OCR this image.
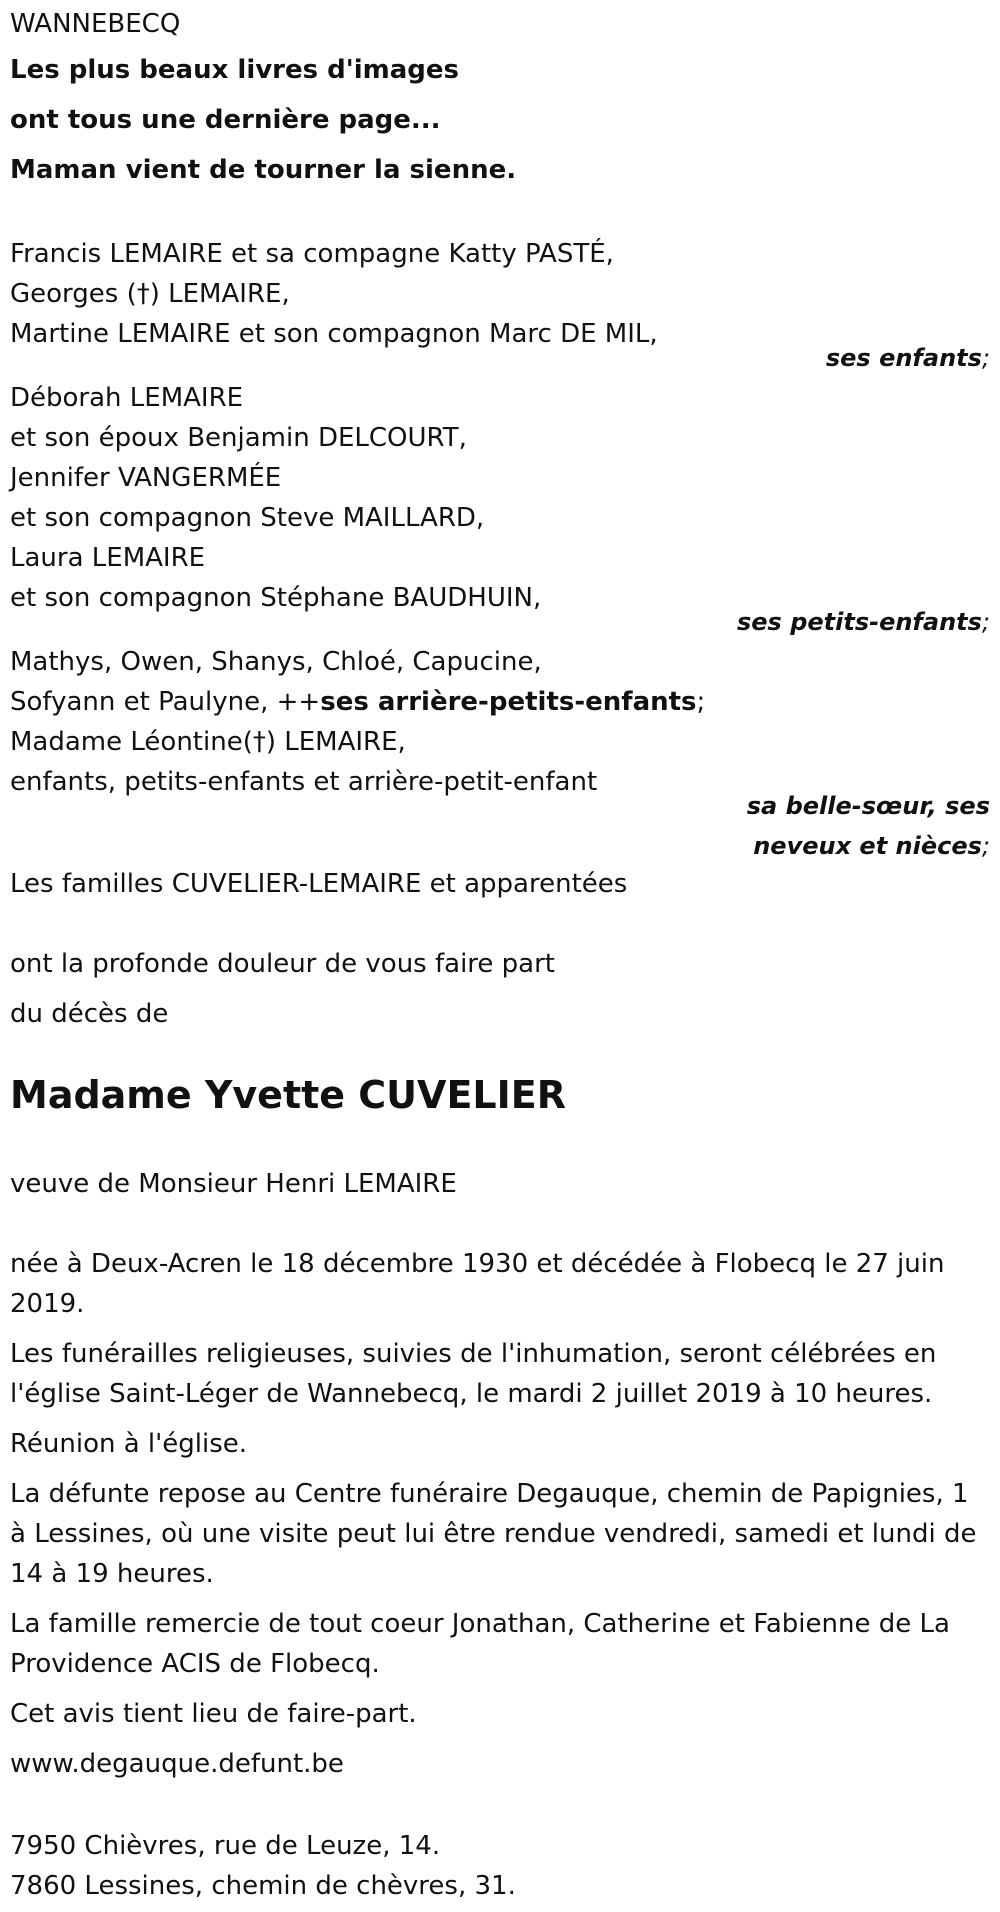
WANNEBECQ
Les plus beaux livres d'images
ont tous une dernière page...
Maman vient de tourner la sienne.
Francis LEMAIRE et sa compagne Katty PASTÉ,
Georges (†) LEMAIRE,
Martine LEMAIRE et son compagnon Marc DE MIL,
ses enfants;
Déborah LEMAIRE
et son époux Benjamin DELCOURT,
Jennifer VANGERMÉE
et son compagnon Steve MAILLARD,
Laura LEMAIRE
et son compagnon Stéphane BAUDHUIN,
ses petits-enfants;
Mathys, Owen, Shanys, Chloé, Capucine,
Sofyann et Paulyne, ++ses arrière-petits-enfants;
Madame Léontine(†) LEMAIRE,
enfants, petits-enfants et arrière-petit-enfant
sa belle-sœur, ses
neveux et nièces;
Les familles CUVELIER-LEMAIRE et apparentées
ont la profonde douleur de vous faire part
du décès de
Madame Yvette CUVELIER
veuve de Monsieur Henri LEMAIRE
née à Deux-Acren le 18 décembre 1930 et décédée à Flobecq le 27 juin 2019.
Les funérailles religieuses, suivies de l'inhumation, seront célébrées en l'église Saint-Léger de Wannebecq, le mardi 2 juillet 2019 à 10 heures.
Réunion à l'église.
La défunte repose au Centre funéraire Degauque, chemin de Papignies, 1 à Lessines, où une visite peut lui être rendue vendredi, samedi et lundi de 14 à 19 heures.
La famille remercie de tout coeur Jonathan, Catherine et Fabienne de La Providence ACIS de Flobecq.
Cet avis tient lieu de faire-part.
www.degauque.defunt.be
7950 Chièvres, rue de Leuze, 14.
7860 Lessines, chemin de chèvres, 31.
